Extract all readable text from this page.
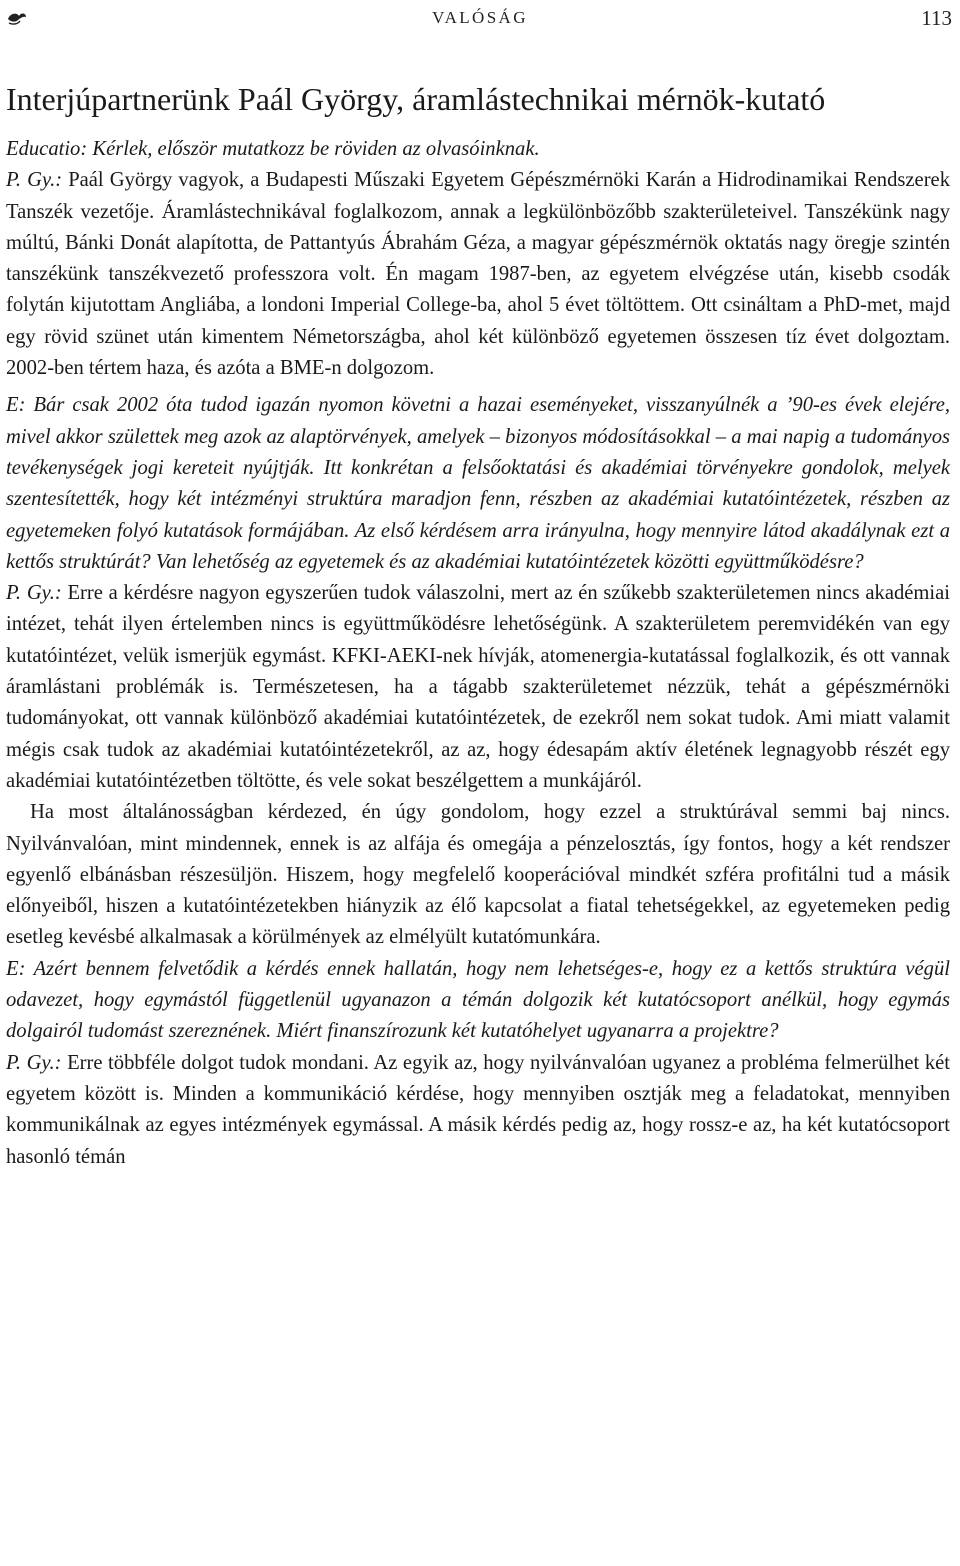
VALÓSÁG	113
Interjúpartnerünk Paál György, áramlástechnikai mérnök-kutató

Educatio: Kérlek, először mutatkozz be röviden az olvasóinknak.

P. Gy.: Paál György vagyok, a Budapesti Műszaki Egyetem Gépészmérnöki Karán a Hidrodinamikai Rendszerek Tanszék vezetője. Áramlástechnikával foglalkozom, annak a legkülönbözőbb szakterületeivel. Tanszékünk nagy múltú, Bánki Donát alapította, de Pattantyús Ábrahám Géza, a magyar gépészmérnök oktatás nagy öregje szintén tanszékünk tanszékvezető professzora volt. Én magam 1987-ben, az egyetem elvégzése után, kisebb csodák folytán kijutottam Angliába, a londoni Imperial College-ba, ahol 5 évet töltöttem. Ott csináltam a PhD-met, majd egy rövid szünet után kimentem Németországba, ahol két különböző egyetemen összesen tíz évet dolgoztam. 2002-ben tértem haza, és azóta a BME-n dolgozom.

E: Bár csak 2002 óta tudod igazán nyomon követni a hazai eseményeket, visszanyúlnék a ’90-es évek elejére, mivel akkor születtek meg azok az alaptörvények, amelyek – bizonyos módosításokkal – a mai napig a tudományos tevékenységek jogi kereteit nyújtják. Itt konkrétan a felsőoktatási és akadémiai törvényekre gondolok, melyek szentesítették, hogy két intézményi struktúra maradjon fenn, részben az akadémiai kutatóintézetek, részben az egyetemeken folyó kutatások formájában. Az első kérdésem arra irányulna, hogy mennyire látod akadálynak ezt a kettős struktúrát? Van lehetőség az egyetemek és az akadémiai kutatóintézetek közötti együttműködésre?

P. Gy.: Erre a kérdésre nagyon egyszerűen tudok válaszolni, mert az én szűkebb szakterületemen nincs akadémiai intézet, tehát ilyen értelemben nincs is együttműködésre lehetőségünk. A szakterületem peremvidékén van egy kutatóintézet, velük ismerjük egymást. KFKI-AEKI-nek hívják, atomenergia-kutatással foglalkozik, és ott vannak áramlástani problémák is. Természetesen, ha a tágabb szakterületemet nézzük, tehát a gépészmérnöki tudományokat, ott vannak különböző akadémiai kutatóintézetek, de ezekről nem sokat tudok. Ami miatt valamit mégis csak tudok az akadémiai kutatóintézetekről, az az, hogy édesapám aktív életének legnagyobb részét egy akadémiai kutatóintézetben töltötte, és vele sokat beszélgettem a munkájáról.

Ha most általánosságban kérdezed, én úgy gondolom, hogy ezzel a struktúrával semmi baj nincs. Nyilvánvalóan, mint mindennek, ennek is az alfája és omegája a pénzelosztás, így fontos, hogy a két rendszer egyenlő elbánásban részesüljön. Hiszem, hogy megfelelő kooperációval mindkét szféra profitálni tud a másik előnyeiből, hiszen a kutatóintézetekben hiányzik az élő kapcsolat a fiatal tehetségekkel, az egyetemeken pedig esetleg kevésbé alkalmasak a körülmények az elmélyült kutatómunkára.

E: Azért bennem felvetődik a kérdés ennek hallatán, hogy nem lehetséges-e, hogy ez a kettős struktúra végül odavezet, hogy egymástól függetlenül ugyanazon a témán dolgozik két kutatócsoport anélkül, hogy egymás dolgairól tudomást szereznének. Miért finanszírozunk két kutatóhelyet ugyanarra a projektre?

P. Gy.: Erre többféle dolgot tudok mondani. Az egyik az, hogy nyilvánvalóan ugyanez a probléma felmerülhet két egyetem között is. Minden a kommunikáció kérdése, hogy mennyiben osztják meg a feladatokat, mennyiben kommunikálnak az egyes intézmények egymással. A másik kérdés pedig az, hogy rossz-e az, ha két kutatócsoport hasonló témán
